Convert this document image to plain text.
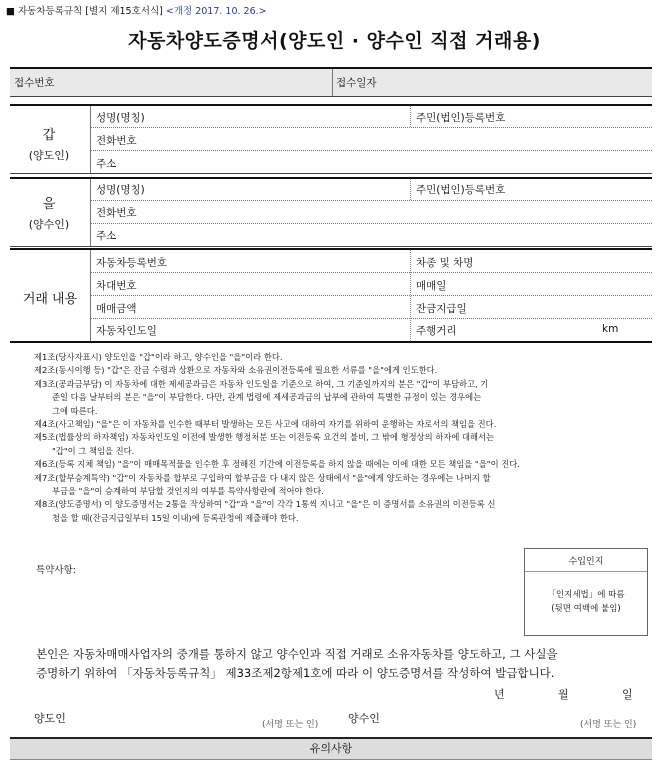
■ 자동차등록규칙 [별지 제15호서식] <개정 2017. 10. 26.>
자동차양도증명서(양도인 · 양수인 직접 거래용)
접수번호	접수일자
갑
(양도인)
성명(명칭)	주민(법인)등록번호
전화번호
주소
을
(양수인)
성명(명칭)	주민(법인)등록번호
전화번호
주소
거래 내용
자동차등록번호	차종 및 차명
차대번호	매매일
매매금액	잔금지급일
자동차인도일	주행거리	km

제1조(당사자표시) 양도인을 "갑"이라 하고, 양수인을 "을"이라 한다.

제2조(동시이행 등) "갑"은 잔금 수령과 상환으로 자동차와 소유권이전등록에 필요한 서류를 "을"에게 인도한다.

제3조(공과금부담) 이 자동차에 대한 제세공과금은 자동차 인도일을 기준으로 하여, 그 기준일까지의 분은 "갑"이 부담하고, 기

준일 다음 날부터의 분은 "을"이 부담한다. 다만, 관계 법령에 제세공과금의 납부에 관하여 특별한 규정이 있는 경우에는

그에 따른다.

제4조(사고책임) "을"은 이 자동차를 인수한 때부터 발생하는 모든 사고에 대하여 자기를 위하여 운행하는 자로서의 책임을 진다.

제5조(법률상의 하자책임) 자동차인도일 이전에 발생한 행정처분 또는 이전등록 요건의 불비, 그 밖에 형정상의 하자에 대해서는

"갑"이 그 책임을 진다.

제6조(등록 지체 책임) "을"이 매매목적물을 인수한 후 정해진 기간에 이전등록을 하지 않을 때에는 이에 대한 모든 책임을 "을"이 진다.

제7조(할부승계특약) "갑"이 자동차를 할부로 구입하여 할부금을 다 내지 않은 상태에서 "을"에게 양도하는 경우에는 나머지 할

부금을 "을"이 승계하여 부담할 것인지의 여부를 특약사항란에 적어야 한다.

제8조(양도증명서) 이 양도증명서는 2통을 작성하여 "갑"과 "을"이 각각 1통씩 지니고 "을"은 이 증명서를 소유권의 이전등록 신

청을 할 때(잔금지급일부터 15일 이내)에 등록관청에 제출해야 한다.

수입인지
「인지세법」에 따름
(뒷면 여백에 붙임)
특약사항:
본인은 자동차매매사업자의 중개를 통하지 않고 양수인과 직접 거래로 소유자동차를 양도하고, 그 사실을
증명하기 위하여 「자동차등록규칙」 제33조제2항제1호에 따라 이 양도증명서를 작성하여 발급합니다.
년	월	일
양도인	(서명 또는 인)	양수인	(서명 또는 인)
유의사항
